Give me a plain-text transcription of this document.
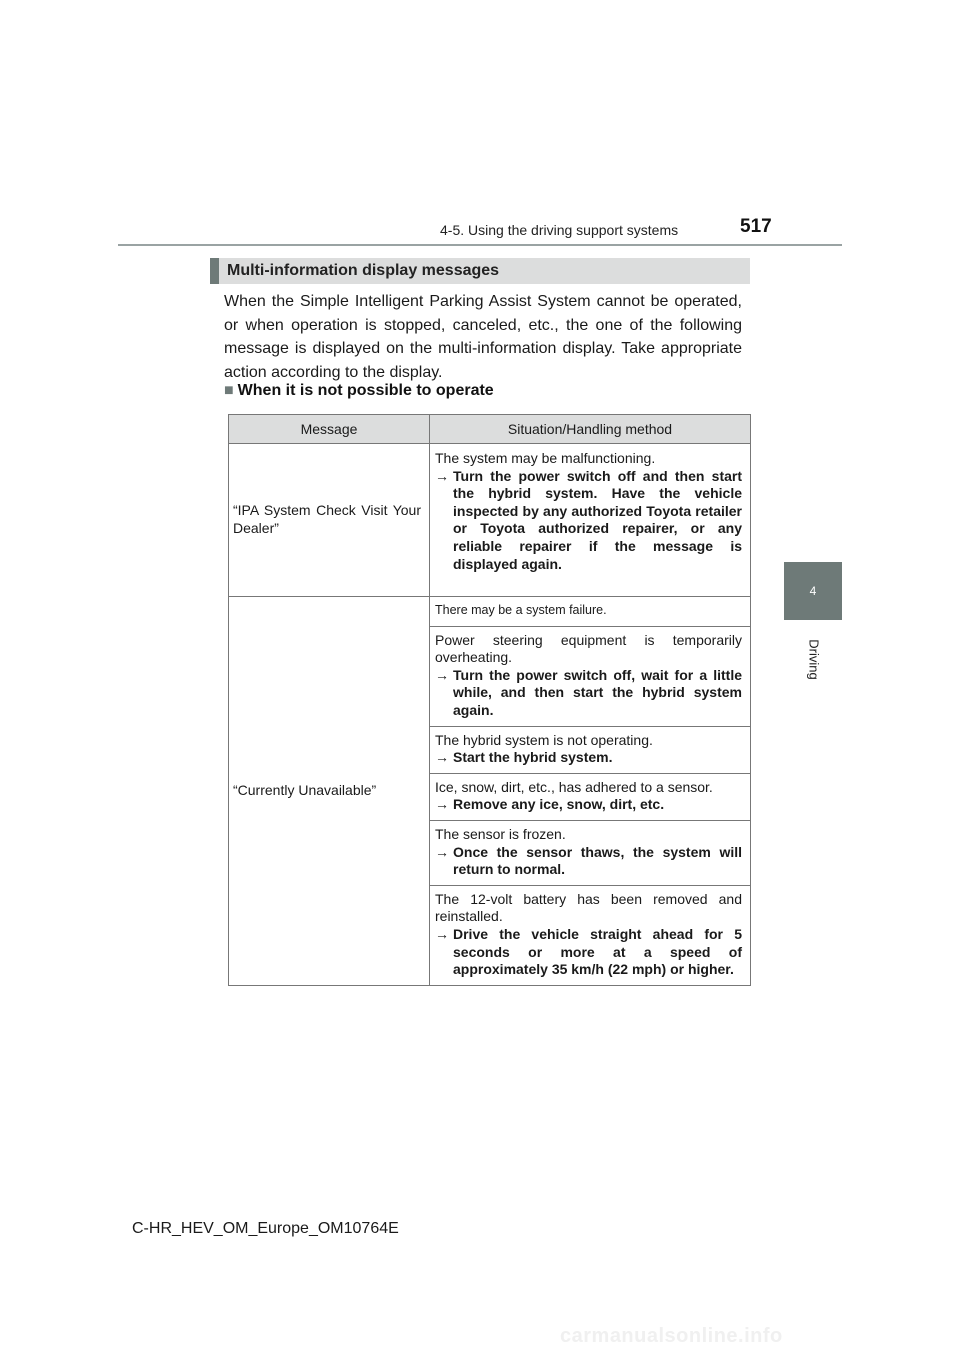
4-5. Using the driving support systems	517
4
Driving
Multi-information display messages
When the Simple Intelligent Parking Assist System cannot be operated, or when operation is stopped, canceled, etc., the one of the following message is displayed on the multi-information display. Take appropriate action according to the display.
■ When it is not possible to operate
Message	Situation/Handling method
“IPA System Check Visit Your Dealer”	The system may be malfunctioning.
→ Turn the power switch off and then start the hybrid system. Have the vehicle inspected by any authorized Toyota retailer or Toyota authorized repairer, or any reliable repairer if the message is displayed again.

“Currently Unavailable”	There may be a system failure.

	Power steering equipment is temporarily overheating.
→ Turn the power switch off, wait for a little while, and then start the hybrid system again.

	The hybrid system is not operating.
→ Start the hybrid system.

	Ice, snow, dirt, etc., has adhered to a sensor.
→ Remove any ice, snow, dirt, etc.

	The sensor is frozen.
→ Once the sensor thaws, the system will return to normal.

	The 12-volt battery has been removed and reinstalled.
→ Drive the vehicle straight ahead for 5 seconds or more at a speed of approximately 35 km/h (22 mph) or higher.
C-HR_HEV_OM_Europe_OM10764E
carmanualsonline.info
